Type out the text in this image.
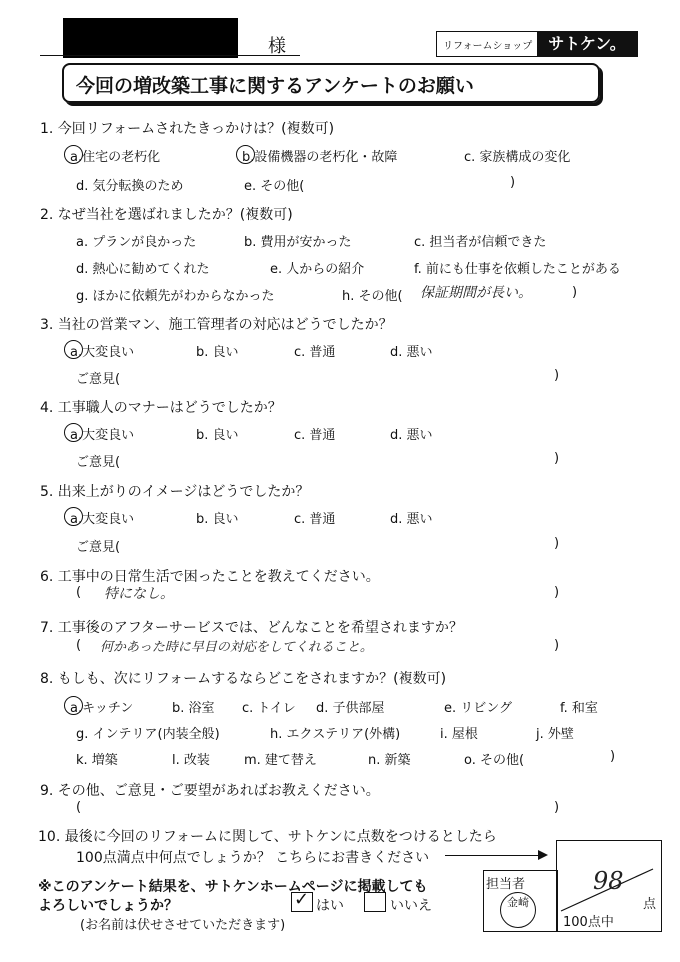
様	リフォームショップ サトケン。
今回の増改築工事に関するアンケートのお願い
1. 今回リフォームされたきっかけは？(複数可)
a.住宅の老朽化	b.設備機器の老朽化・故障	c. 家族構成の変化
d. 気分転換のため	e. その他(	)
2. なぜ当社を選ばれましたか？(複数可)
a. プランが良かった	b. 費用が安かった	c. 担当者が信頼できた
d. 熱心に勧めてくれた	e. 人からの紹介	f. 前にも仕事を依頼したことがある
g. ほかに依頼先がわからなかった	h. その他( 保証期間が長い。	)
3. 当社の営業マン、施工管理者の対応はどうでしたか？
a.大変良い	b. 良い	c. 普通	d. 悪い
ご意見(	)
4. 工事職人のマナーはどうでしたか？
a.大変良い	b. 良い	c. 普通	d. 悪い
ご意見(	)
5. 出来上がりのイメージはどうでしたか？
a.大変良い	b. 良い	c. 普通	d. 悪い
ご意見(	)
6. 工事中の日常生活で困ったことを教えてください。
( 特になし。	)
7. 工事後のアフターサービスでは、どんなことを希望されますか？
( 何かあった時に早目の対応をしてくれること。	)
8. もしも、次にリフォームするならどこをされますか？(複数可)
a.キッチン	b. 浴室 c. トイレ d. 子供部屋	e. リビング	f. 和室
g. インテリア(内装全般)	h. エクステリア(外構)	i. 屋根	j. 外壁
k. 増築	l. 改装	m. 建て替え	n. 新築	o. その他(	)
9. その他、ご意見・ご要望があればお教えください。
(	)
10. 最後に今回のリフォームに関して、サトケンに点数をつけるとしたら
100点満点中何点でしょうか？ こちらにお書きください
98
点
100点中
担当者
金崎
※このアンケート結果を、サトケンホームページに掲載しても
よろしいでしょうか？	✓ はい	いいえ
(お名前は伏せさせていただきます)
